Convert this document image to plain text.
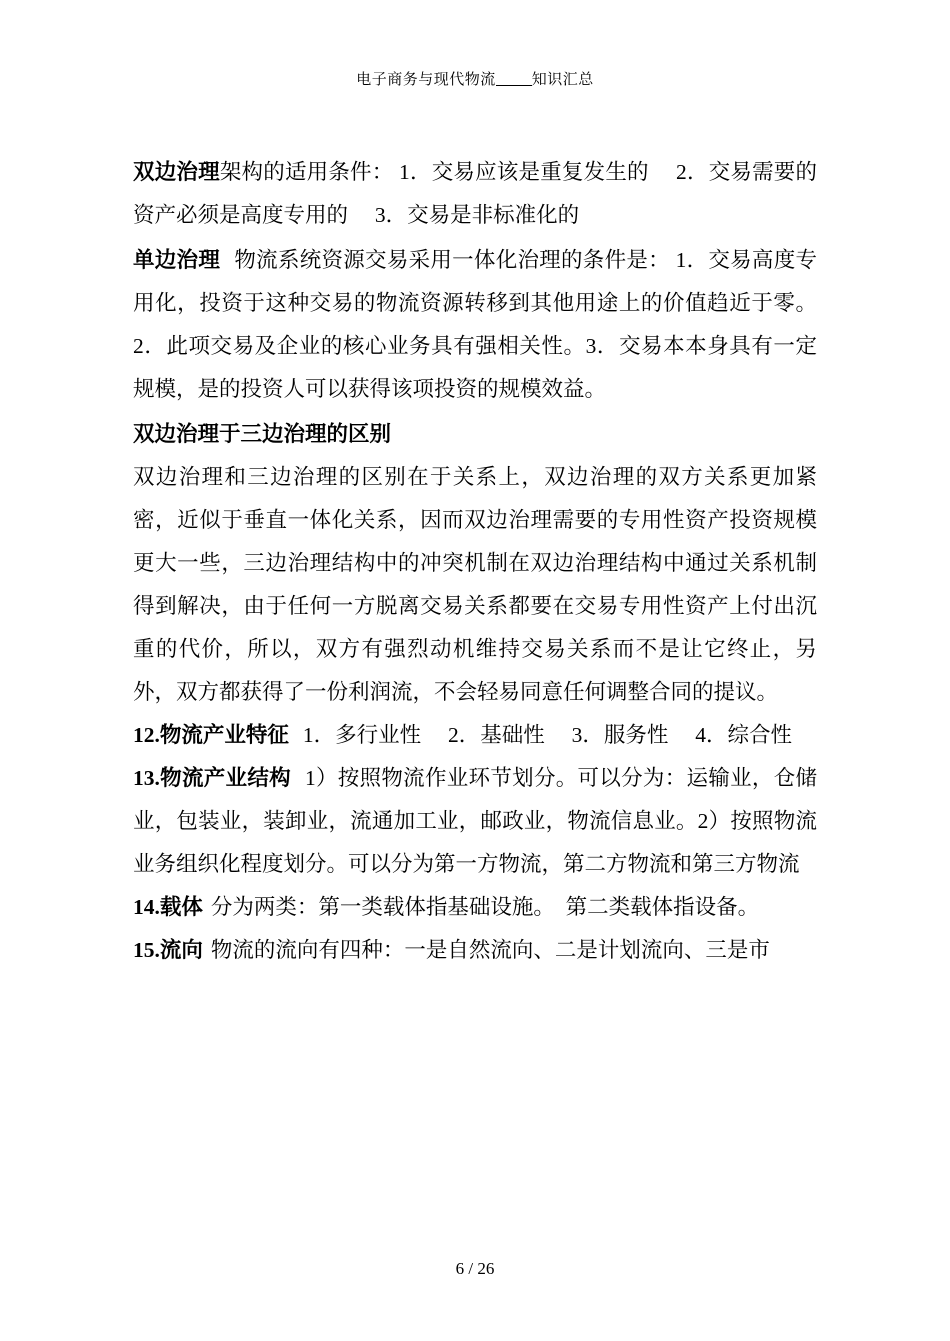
电子商务与现代物流 知识汇总

双边治理架构的适用条件： 1．交易应该是重复发生的　 2．交易需要的资产必须是高度专用的　 3．交易是非标准化的

单边治理 物流系统资源交易采用一体化治理的条件是： 1．交易高度专用化，投资于这种交易的物流资源转移到其他用途上的价值趋近于零。2．此项交易及企业的核心业务具有强相关性。3．交易本本身具有一定规模，是的投资人可以获得该项投资的规模效益。

双边治理于三边治理的区别

双边治理和三边治理的区别在于关系上，双边治理的双方关系更加紧密，近似于垂直一体化关系，因而双边治理需要的专用性资产投资规模更大一些，三边治理结构中的冲突机制在双边治理结构中通过关系机制得到解决，由于任何一方脱离交易关系都要在交易专用性资产上付出沉重的代价，所以，双方有强烈动机维持交易关系而不是让它终止，另外，双方都获得了一份利润流，不会轻易同意任何调整合同的提议。

12.物流产业特征 1．多行业性　 2．基础性　 3．服务性　 4．综合性

13.物流产业结构 1）按照物流作业环节划分。可以分为：运输业，仓储业，包装业，装卸业，流通加工业，邮政业，物流信息业。2）按照物流业务组织化程度划分。可以分为第一方物流，第二方物流和第三方物流

14.载体 分为两类：第一类载体指基础设施。　第二类载体指设备。

15.流向 物流的流向有四种：一是自然流向、二是计划流向、三是市

6 / 26
